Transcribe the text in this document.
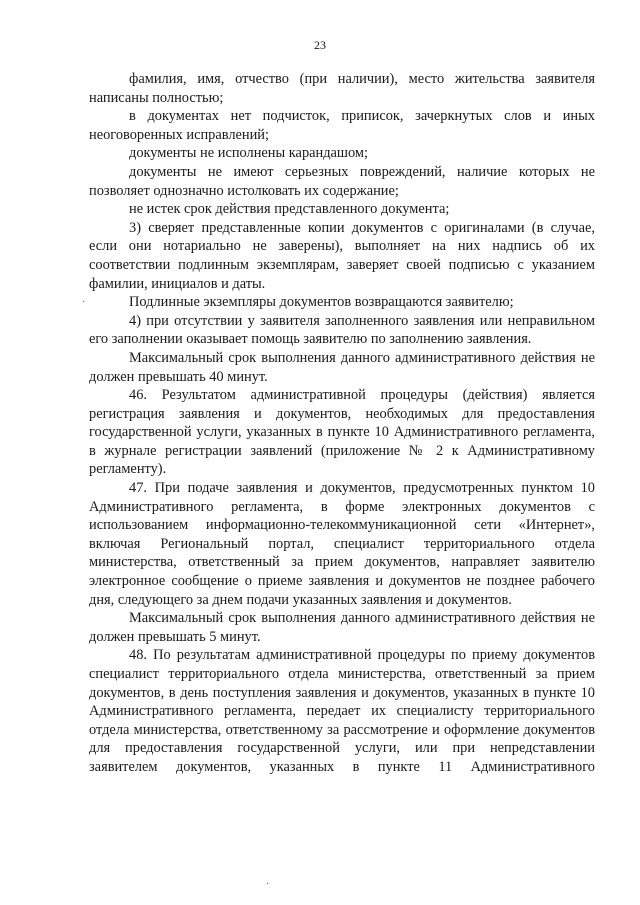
23

фамилия, имя, отчество (при наличии), место жительства заявителя написаны полностью;

в документах нет подчисток, приписок, зачеркнутых слов и иных неоговоренных исправлений;

документы не исполнены карандашом;

документы не имеют серьезных повреждений, наличие которых не позволяет однозначно истолковать их содержание;

не истек срок действия представленного документа;

3) сверяет представленные копии документов с оригиналами (в случае, если они нотариально не заверены), выполняет на них надпись об их соответствии подлинным экземплярам, заверяет своей подписью с указанием фамилии, инициалов и даты.

Подлинные экземпляры документов возвращаются заявителю;

4) при отсутствии у заявителя заполненного заявления или неправильном его заполнении оказывает помощь заявителю по заполнению заявления.

Максимальный срок выполнения данного административного действия не должен превышать 40 минут.

46. Результатом административной процедуры (действия) является регистрация заявления и документов, необходимых для предоставления государственной услуги, указанных в пункте 10 Административного регламента, в журнале регистрации заявлений (приложение № 2 к Административному регламенту).

47. При подаче заявления и документов, предусмотренных пунктом 10 Административного регламента, в форме электронных документов с использованием информационно-телекоммуникационной сети «Интернет», включая Региональный портал, специалист территориального отдела министерства, ответственный за прием документов, направляет заявителю электронное сообщение о приеме заявления и документов не позднее рабочего дня, следующего за днем подачи указанных заявления и документов.

Максимальный срок выполнения данного административного действия не должен превышать 5 минут.

48. По результатам административной процедуры по приему документов специалист территориального отдела министерства, ответственный за прием документов, в день поступления заявления и документов, указанных в пункте 10 Административного регламента, передает их специалисту территориального отдела министерства, ответственному за рассмотрение и оформление документов для предоставления государственной услуги, или при непредставлении заявителем документов, указанных в пункте 11 Административного

·
·
